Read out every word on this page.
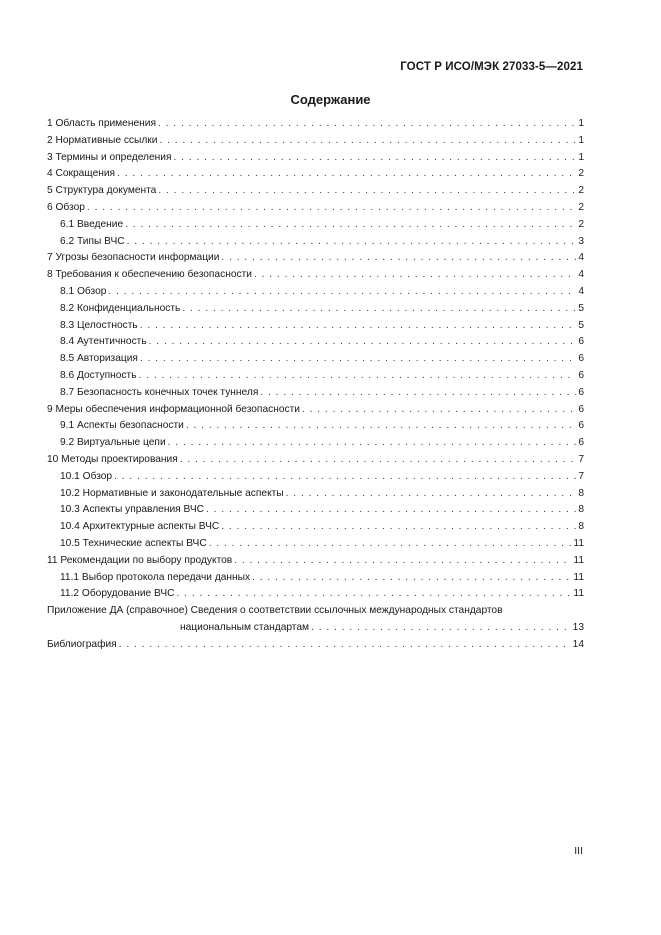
ГОСТ Р ИСО/МЭК 27033-5—2021
Содержание
1 Область применения . . .	1
2 Нормативные ссылки . . .	1
3 Термины и определения . . .	1
4 Сокращения . . .	2
5 Структура документа . . .	2
6 Обзор . . .	2
6.1 Введение . . .	2
6.2 Типы ВЧС . . .	3
7 Угрозы безопасности информации . . .	4
8 Требования к обеспечению безопасности . . .	4
8.1 Обзор . . .	4
8.2 Конфиденциальность . . .	5
8.3 Целостность . . .	5
8.4 Аутентичность . . .	6
8.5 Авторизация . . .	6
8.6 Доступность . . .	6
8.7 Безопасность конечных точек туннеля . . .	6
9 Меры обеспечения информационной безопасности . . .	6
9.1 Аспекты безопасности . . .	6
9.2 Виртуальные цепи . . .	6
10 Методы проектирования . . .	7
10.1 Обзор . . .	7
10.2 Нормативные и законодательные аспекты . . .	8
10.3 Аспекты управления ВЧС . . .	8
10.4 Архитектурные аспекты ВЧС . . .	8
10.5 Технические аспекты ВЧС . . .	11
11 Рекомендации по выбору продуктов . . .	11
11.1 Выбор протокола передачи данных . . .	11
11.2 Оборудование ВЧС . . .	11
Приложение ДА (справочное) Сведения о соответствии ссылочных международных стандартов
национальным стандартам . . .	13
Библиография . . .	14
III
